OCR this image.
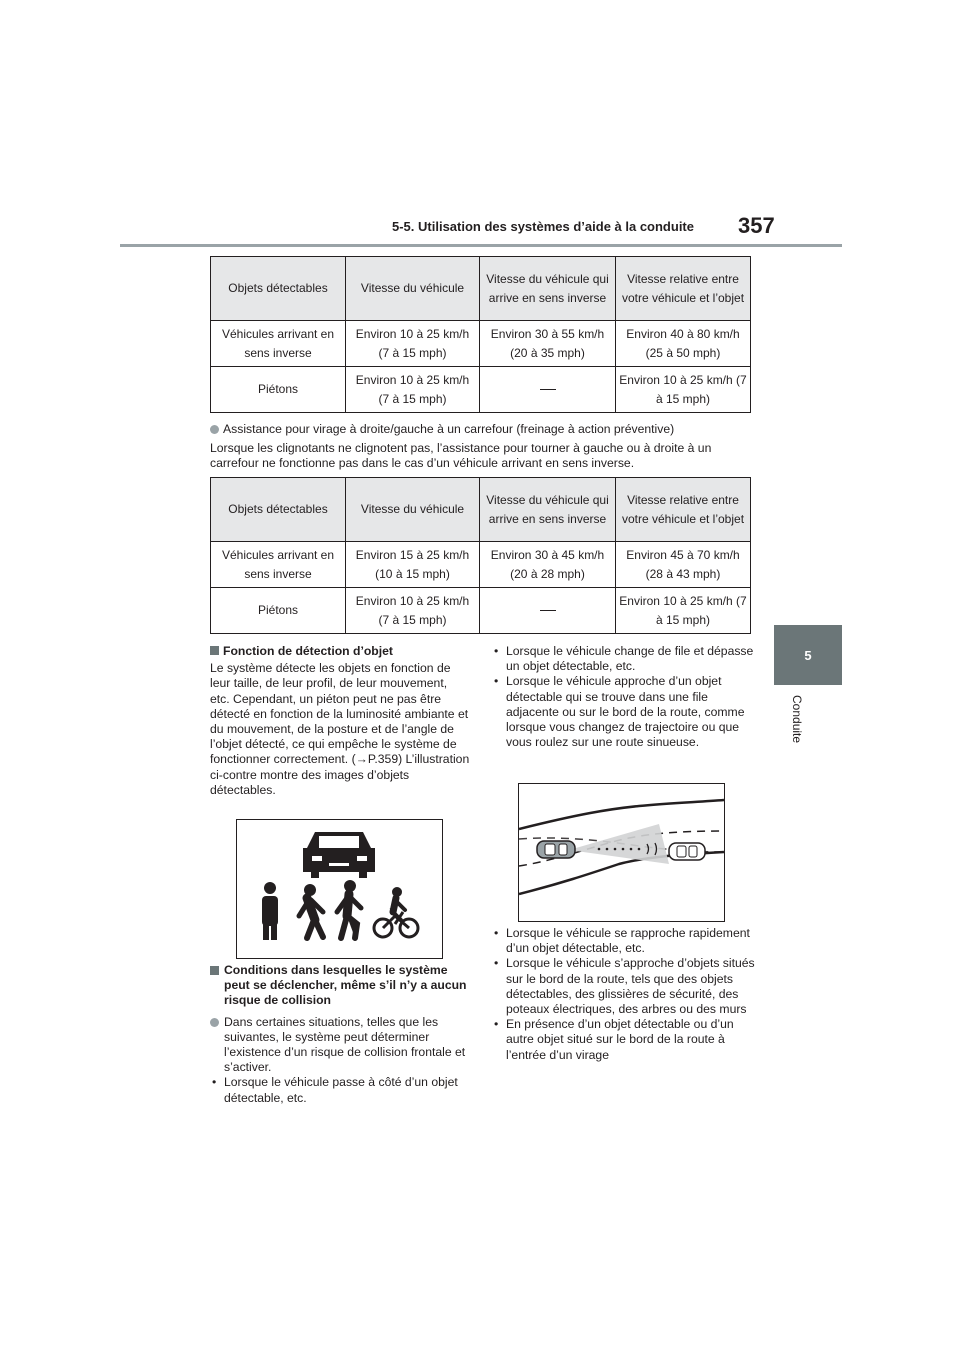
5-5. Utilisation des systèmes d’aide à la conduite 357
5
Conduite
Objets détectables	Vitesse du véhicule	Vitesse du véhicule qui arrive en sens inverse	Vitesse relative entre votre véhicule et l’objet
Véhicules arrivant en sens inverse	Environ 10 à 25 km/h (7 à 15 mph)	Environ 30 à 55 km/h (20 à 35 mph)	Environ 40 à 80 km/h (25 à 50 mph)
Piétons	Environ 10 à 25 km/h (7 à 15 mph)		Environ 10 à 25 km/h (7 à 15 mph)
Assistance pour virage à droite/gauche à un carrefour (freinage à action préventive)
Lorsque les clignotants ne clignotent pas, l’assistance pour tourner à gauche ou à droite à un carrefour ne fonctionne pas dans le cas d’un véhicule arrivant en sens inverse.
Objets détectables	Vitesse du véhicule	Vitesse du véhicule qui arrive en sens inverse	Vitesse relative entre votre véhicule et l’objet
Véhicules arrivant en sens inverse	Environ 15 à 25 km/h (10 à 15 mph)	Environ 30 à 45 km/h (20 à 28 mph)	Environ 45 à 70 km/h (28 à 43 mph)
Piétons	Environ 10 à 25 km/h (7 à 15 mph)		Environ 10 à 25 km/h (7 à 15 mph)
Fonction de détection d’objet
Le système détecte les objets en fonction de leur taille, de leur profil, de leur mouvement, etc. Cependant, un piéton peut ne pas être détecté en fonction de la luminosité ambiante et du mouvement, de la posture et de l’angle de l’objet détecté, ce qui empêche le système de fonctionner correctement. (→P.359) L’illustration ci-contre montre des images d’objets détectables.
Conditions dans lesquelles le système peut se déclencher, même s’il n’y a aucun risque de collision
Dans certaines situations, telles que les suivantes, le système peut déterminer l’existence d’un risque de collision frontale et s’activer.
• Lorsque le véhicule passe à côté d’un objet détectable, etc.
• Lorsque le véhicule change de file et dépasse un objet détectable, etc.
• Lorsque le véhicule approche d’un objet détectable qui se trouve dans une file adjacente ou sur le bord de la route, comme lorsque vous changez de trajectoire ou que vous roulez sur une route sinueuse.
• Lorsque le véhicule se rapproche rapidement d’un objet détectable, etc.
• Lorsque le véhicule s’approche d’objets situés sur le bord de la route, tels que des objets détectables, des glissières de sécurité, des poteaux électriques, des arbres ou des murs
• En présence d’un objet détectable ou d’un autre objet situé sur le bord de la route à l’entrée d’un virage
